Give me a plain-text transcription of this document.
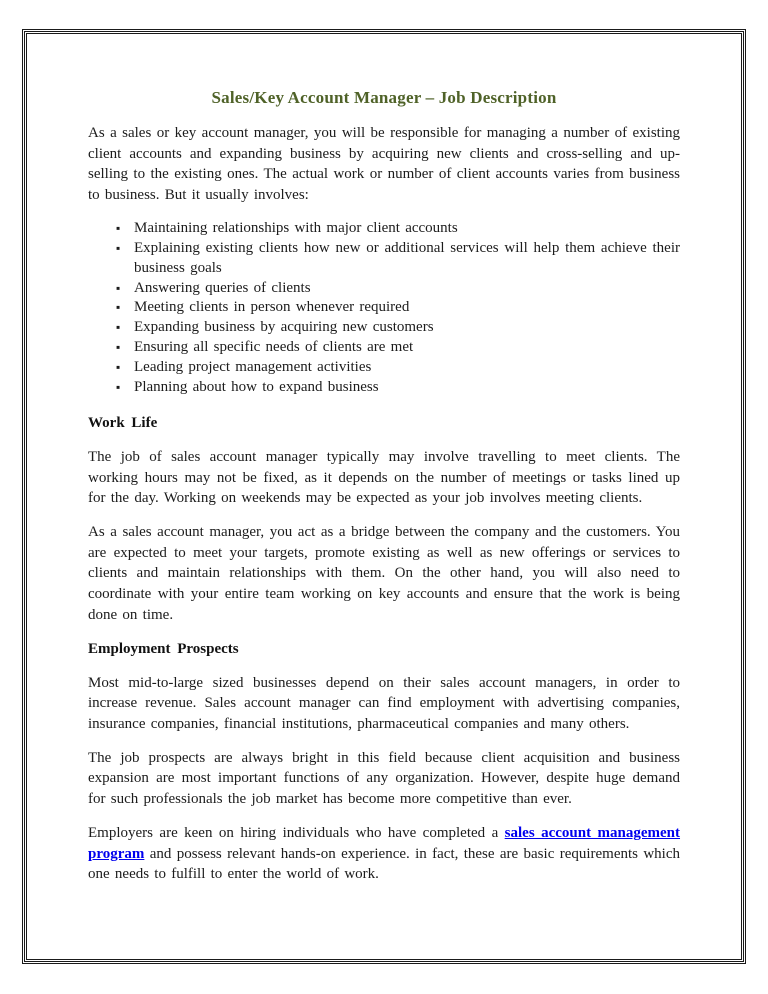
Sales/Key Account Manager – Job Description

As a sales or key account manager, you will be responsible for managing a number of existing client accounts and expanding business by acquiring new clients and cross-selling and up-selling to the existing ones. The actual work or number of client accounts varies from business to business. But it usually involves:

▪
Maintaining relationships with major client accounts
▪
Explaining existing clients how new or additional services will help them achieve their business goals
▪
Answering queries of clients
▪
Meeting clients in person whenever required
▪
Expanding business by acquiring new customers
▪
Ensuring all specific needs of clients are met
▪
Leading project management activities
▪
Planning about how to expand business
Work Life

The job of sales account manager typically may involve travelling to meet clients. The working hours may not be fixed, as it depends on the number of meetings or tasks lined up for the day. Working on weekends may be expected as your job involves meeting clients.

As a sales account manager, you act as a bridge between the company and the customers. You are expected to meet your targets, promote existing as well as new offerings or services to clients and maintain relationships with them. On the other hand, you will also need to coordinate with your entire team working on key accounts and ensure that the work is being done on time.

Employment Prospects

Most mid-to-large sized businesses depend on their sales account managers, in order to increase revenue. Sales account manager can find employment with advertising companies, insurance companies, financial institutions, pharmaceutical companies and many others.

The job prospects are always bright in this field because client acquisition and business expansion are most important functions of any organization. However, despite huge demand for such professionals the job market has become more competitive than ever.

Employers are keen on hiring individuals who have completed a sales account management program and possess relevant hands-on experience. in fact, these are basic requirements which one needs to fulfill to enter the world of work.
